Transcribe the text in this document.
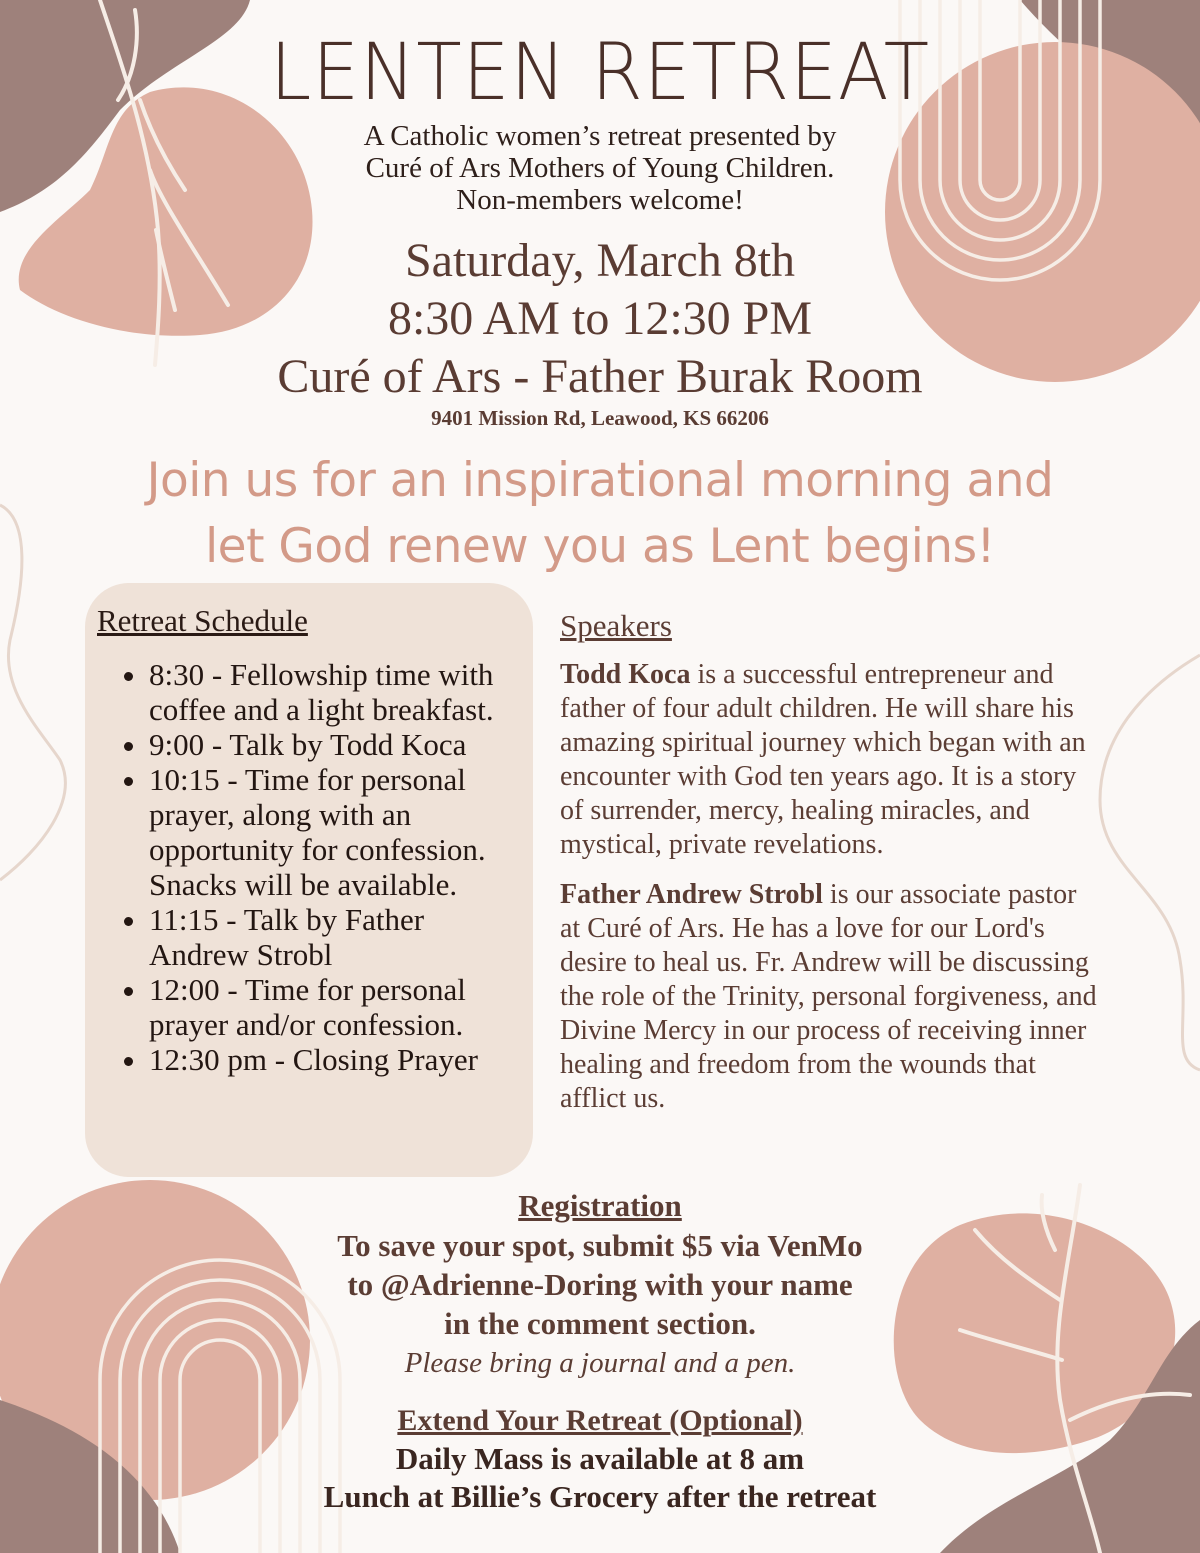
LENTEN RETREAT
A Catholic women’s retreat presented by
Curé of Ars Mothers of Young Children.
Non-members welcome!
Saturday, March 8th
8:30 AM to 12:30 PM
Curé of Ars - Father Burak Room
9401 Mission Rd, Leawood, KS 66206
Join us for an inspirational morning and
let God renew you as Lent begins!
Retreat Schedule
• 8:30 - Fellowship time with coffee and a light breakfast.
• 9:00 - Talk by Todd Koca
• 10:15 - Time for personal prayer, along with an opportunity for confession. Snacks will be available.
• 11:15 - Talk by Father Andrew Strobl
• 12:00 - Time for personal prayer and/or confession.
• 12:30 pm - Closing Prayer
Speakers

Todd Koca is a successful entrepreneur and father of four adult children. He will share his amazing spiritual journey which began with an encounter with God ten years ago. It is a story of surrender, mercy, healing miracles, and mystical, private revelations.

Father Andrew Strobl is our associate pastor at Curé of Ars. He has a love for our Lord's desire to heal us. Fr. Andrew will be discussing the role of the Trinity, personal forgiveness, and Divine Mercy in our process of receiving inner healing and freedom from the wounds that afflict us.

Registration
To save your spot, submit $5 via VenMo
to @Adrienne-Doring with your name
in the comment section.
Please bring a journal and a pen.
Extend Your Retreat (Optional)
Daily Mass is available at 8 am
Lunch at Billie’s Grocery after the retreat
